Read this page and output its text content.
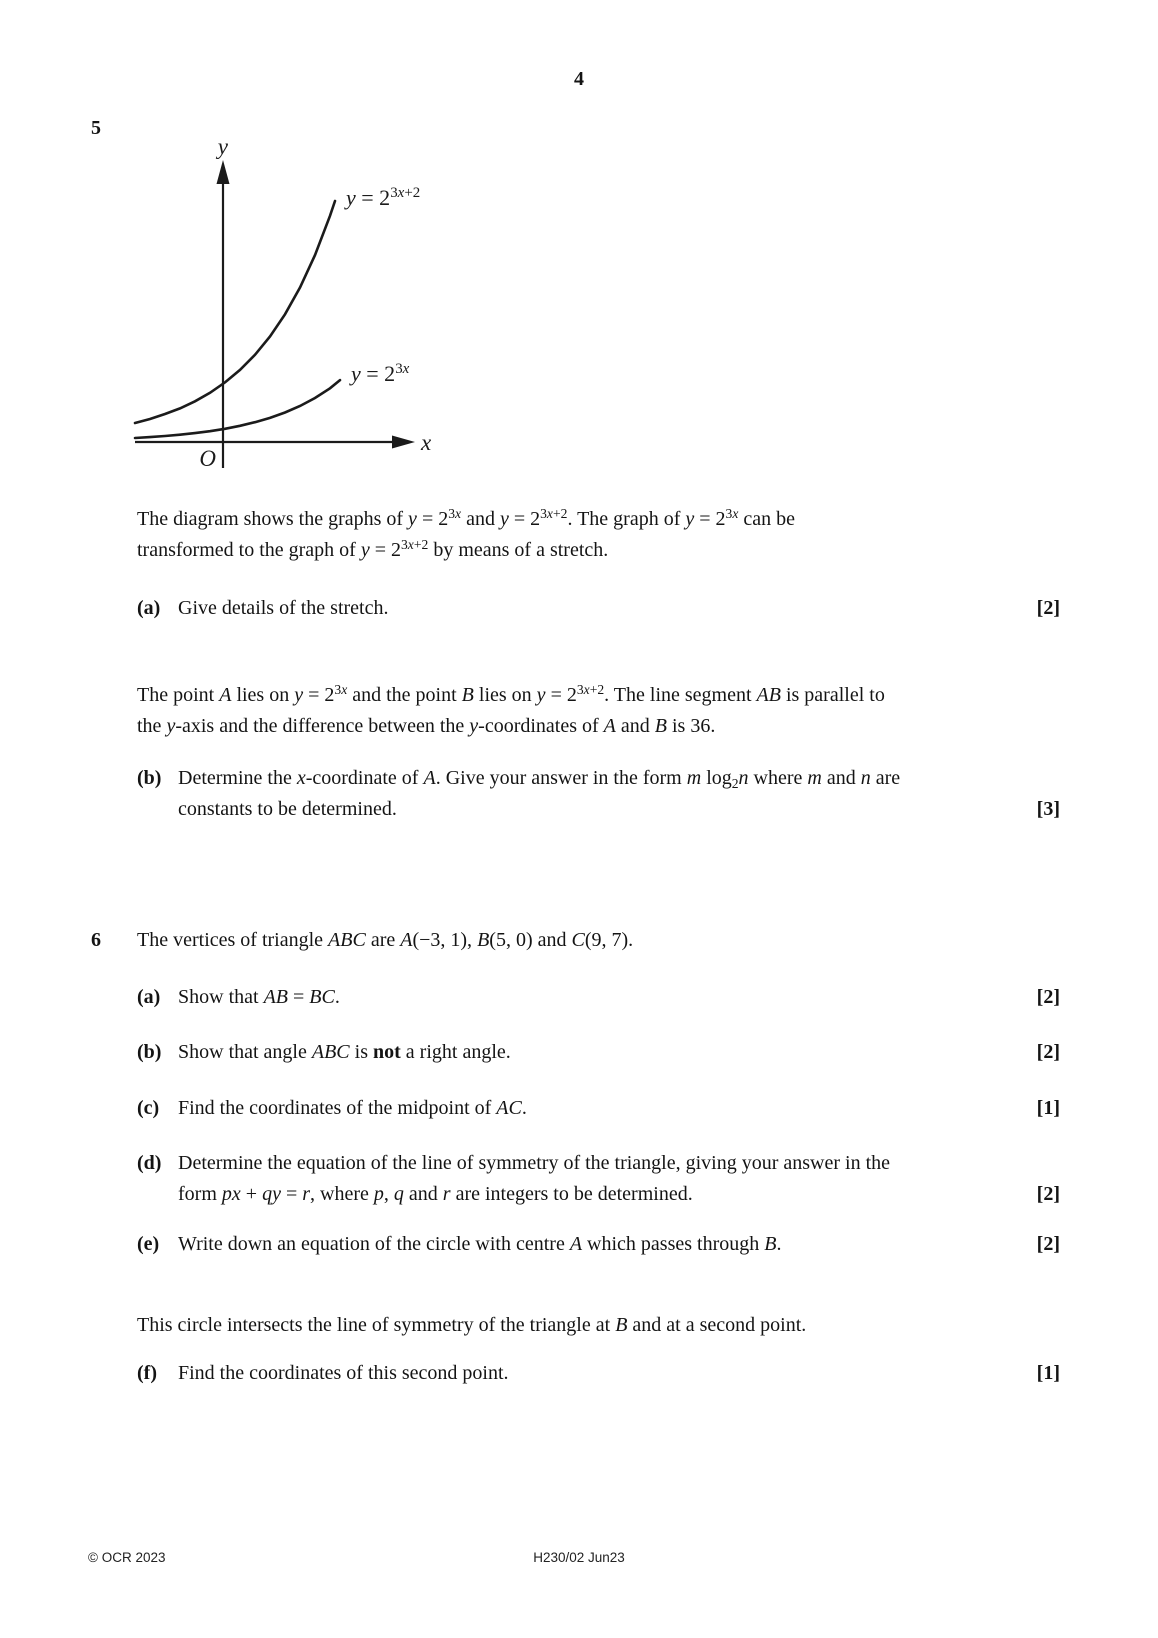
4
5
y
x
O
$y = 2^{3x+2}$
$y = 2^{3x}$
The diagram shows the graphs of $y = 2^{3x}$ and $y = 2^{3x+2}$. The graph of $y = 2^{3x}$ can be
transformed to the graph of $y = 2^{3x+2}$ by means of a stretch.
(a) Give details of the stretch.	[2]
The point A lies on $y = 2^{3x}$ and the point B lies on $y = 2^{3x+2}$. The line segment AB is parallel to
the y-axis and the difference between the y-coordinates of A and B is 36.
(b) Determine the x-coordinate of A. Give your answer in the form m $\log_2n$ where m and n are
constants to be determined.	[3]
6 The vertices of triangle ABC are A(−3, 1), B(5, 0) and C(9, 7).
(a) Show that AB = BC.	[2]
(b) Show that angle ABC is not a right angle.	[2]
(c) Find the coordinates of the midpoint of AC.	[1]
(d) Determine the equation of the line of symmetry of the triangle, giving your answer in the
form px + qy = r, where p, q and r are integers to be determined.	[2]
(e) Write down an equation of the circle with centre A which passes through B.	[2]
This circle intersects the line of symmetry of the triangle at B and at a second point.
(f) Find the coordinates of this second point.	[1]
H230/02 Jun23
© OCR 2023
